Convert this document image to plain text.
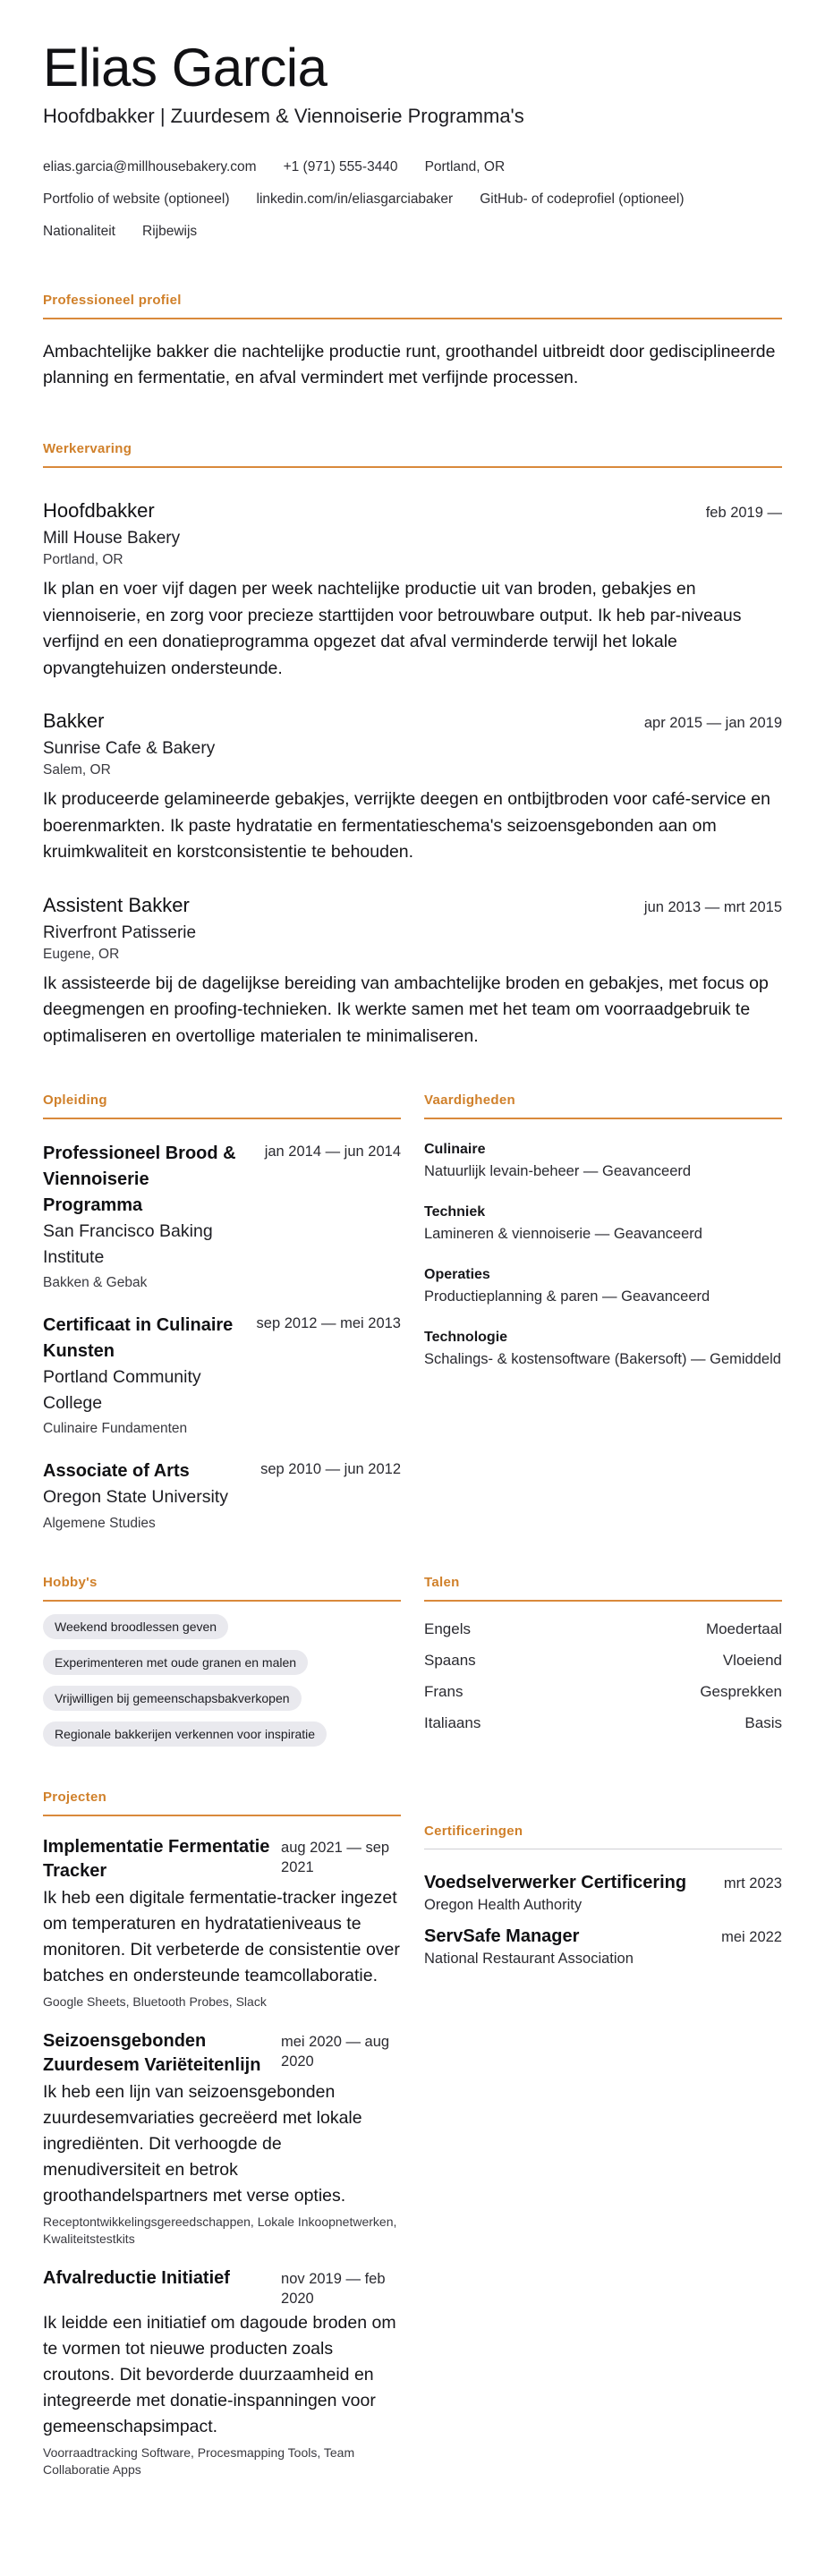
Elias Garcia
Hoofdbakker | Zuurdesem & Viennoiserie Programma's
elias.garcia@millhousebakery.com +1 (971) 555-3440 Portland, OR
Portfolio of website (optioneel) linkedin.com/in/eliasgarciabaker GitHub- of codeprofiel (optioneel)
Nationaliteit Rijbewijs
Professioneel profiel
Ambachtelijke bakker die nachtelijke productie runt, groothandel uitbreidt door gedisciplineerde planning en fermentatie, en afval vermindert met verfijnde processen.
Werkervaring
Hoofdbakker	feb 2019 —
Mill House Bakery
Portland, OR
Ik plan en voer vijf dagen per week nachtelijke productie uit van broden, gebakjes en viennoiserie, en zorg voor precieze starttijden voor betrouwbare output. Ik heb par-niveaus verfijnd en een donatieprogramma opgezet dat afval verminderde terwijl het lokale opvangtehuizen ondersteunde.
Bakker	apr 2015 — jan 2019
Sunrise Cafe & Bakery
Salem, OR
Ik produceerde gelamineerde gebakjes, verrijkte deegen en ontbijtbroden voor café-service en boerenmarkten. Ik paste hydratatie en fermentatieschema's seizoensgebonden aan om kruimkwaliteit en korstconsistentie te behouden.
Assistent Bakker	jun 2013 — mrt 2015
Riverfront Patisserie
Eugene, OR
Ik assisteerde bij de dagelijkse bereiding van ambachtelijke broden en gebakjes, met focus op deegmengen en proofing-technieken. Ik werkte samen met het team om voorraadgebruik te optimaliseren en overtollige materialen te minimaliseren.
Opleiding
Professioneel Brood & Viennoiserie Programma
jan 2014 — jun 2014
San Francisco Baking Institute
Bakken & Gebak
Certificaat in Culinaire Kunsten
sep 2012 — mei 2013
Portland Community College
Culinaire Fundamenten
Associate of Arts	sep 2010 — jun 2012
Oregon State University
Algemene Studies
Vaardigheden
Culinaire
Natuurlijk levain-beheer — Geavanceerd
Techniek
Lamineren & viennoiserie — Geavanceerd
Operaties
Productieplanning & paren — Geavanceerd
Technologie
Schalings- & kostensoftware (Bakersoft) — Gemiddeld
Hobby's
Weekend broodlessen geven
Experimenteren met oude granen en malen
Vrijwilligen bij gemeenschapsbakverkopen
Regionale bakkerijen verkennen voor inspiratie
Talen
Engels	Moedertaal
Spaans	Vloeiend
Frans	Gesprekken
Italiaans	Basis
Projecten
Implementatie Fermentatie Tracker
aug 2021 — sep 2021
Ik heb een digitale fermentatie-tracker ingezet om temperaturen en hydratatieniveaus te monitoren. Dit verbeterde de consistentie over batches en ondersteunde teamcollaboratie.
Google Sheets, Bluetooth Probes, Slack
Seizoensgebonden Zuurdesem Variëteitenlijn
mei 2020 — aug 2020
Ik heb een lijn van seizoensgebonden zuurdesemvariaties gecreëerd met lokale ingrediënten. Dit verhoogde de menudiversiteit en betrok groothandelspartners met verse opties.
Receptontwikkelingsgereedschappen, Lokale Inkoopnetwerken, Kwaliteitstestkits
Afvalreductie Initiatief	nov 2019 — feb 2020
Ik leidde een initiatief om dagoude broden om te vormen tot nieuwe producten zoals croutons. Dit bevorderde duurzaamheid en integreerde met donatie-inspanningen voor gemeenschapsimpact.
Voorraadtracking Software, Procesmapping Tools, Team Collaboratie Apps
Certificeringen
Voedselverwerker Certificering	mrt 2023
Oregon Health Authority
ServSafe Manager	mei 2022
National Restaurant Association
